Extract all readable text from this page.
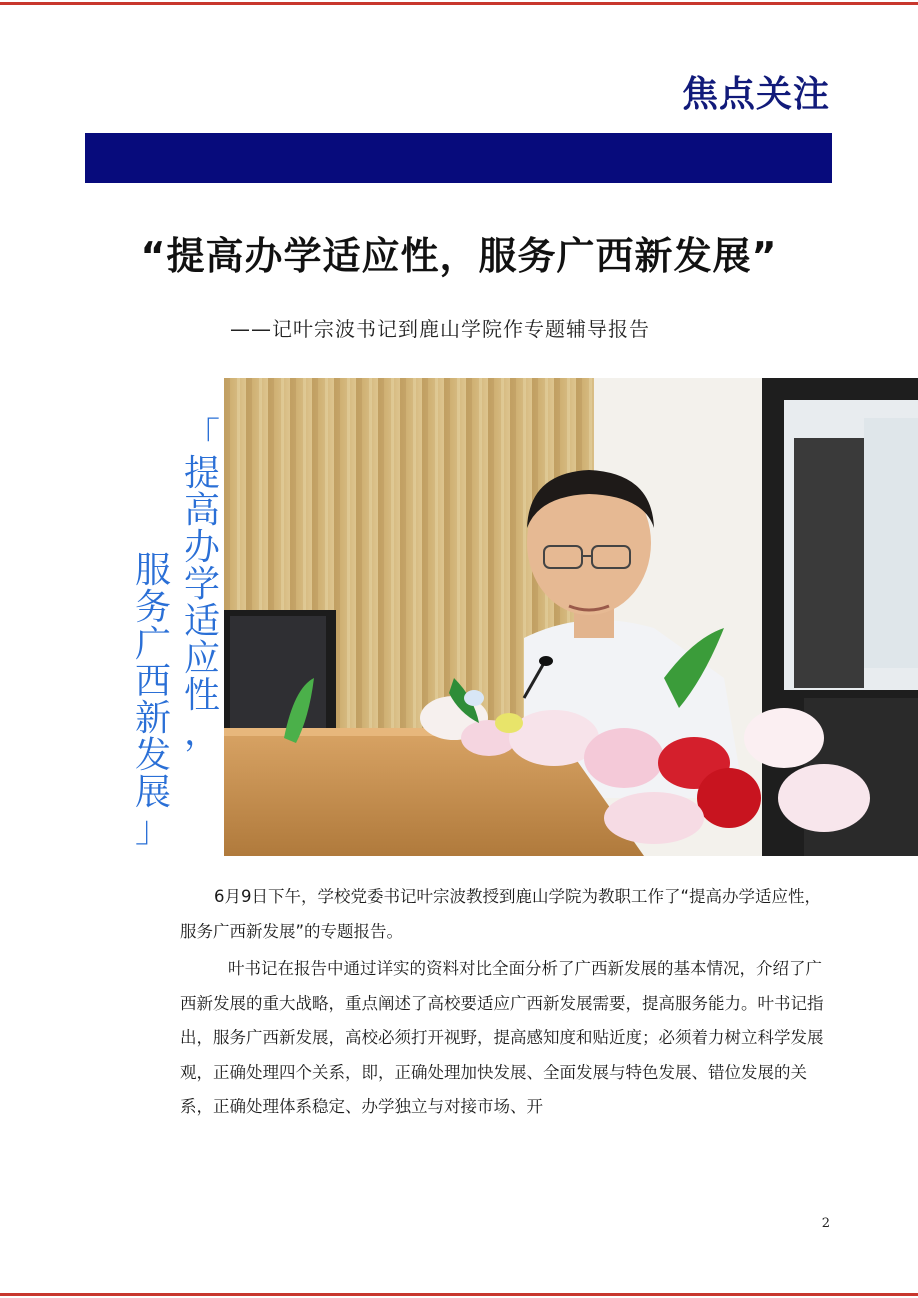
焦点关注
“提高办学适应性，服务广西新发展”
——记叶宗波书记到鹿山学院作专题辅导报告
「
提
高
办
学
适
应
性
，
服
务
广
西
新
发
展
」

6月9日下午，学校党委书记叶宗波教授到鹿山学院为教职工作了“提高办学适应性，服务广西新发展”的专题报告。

叶书记在报告中通过详实的资料对比全面分析了广西新发展的基本情况，介绍了广西新发展的重大战略，重点阐述了高校要适应广西新发展需要，提高服务能力。叶书记指出，服务广西新发展，高校必须打开视野，提高感知度和贴近度；必须着力树立科学发展观，正确处理四个关系，即，正确处理加快发展、全面发展与特色发展、错位发展的关系，正确处理体系稳定、办学独立与对接市场、开

2
